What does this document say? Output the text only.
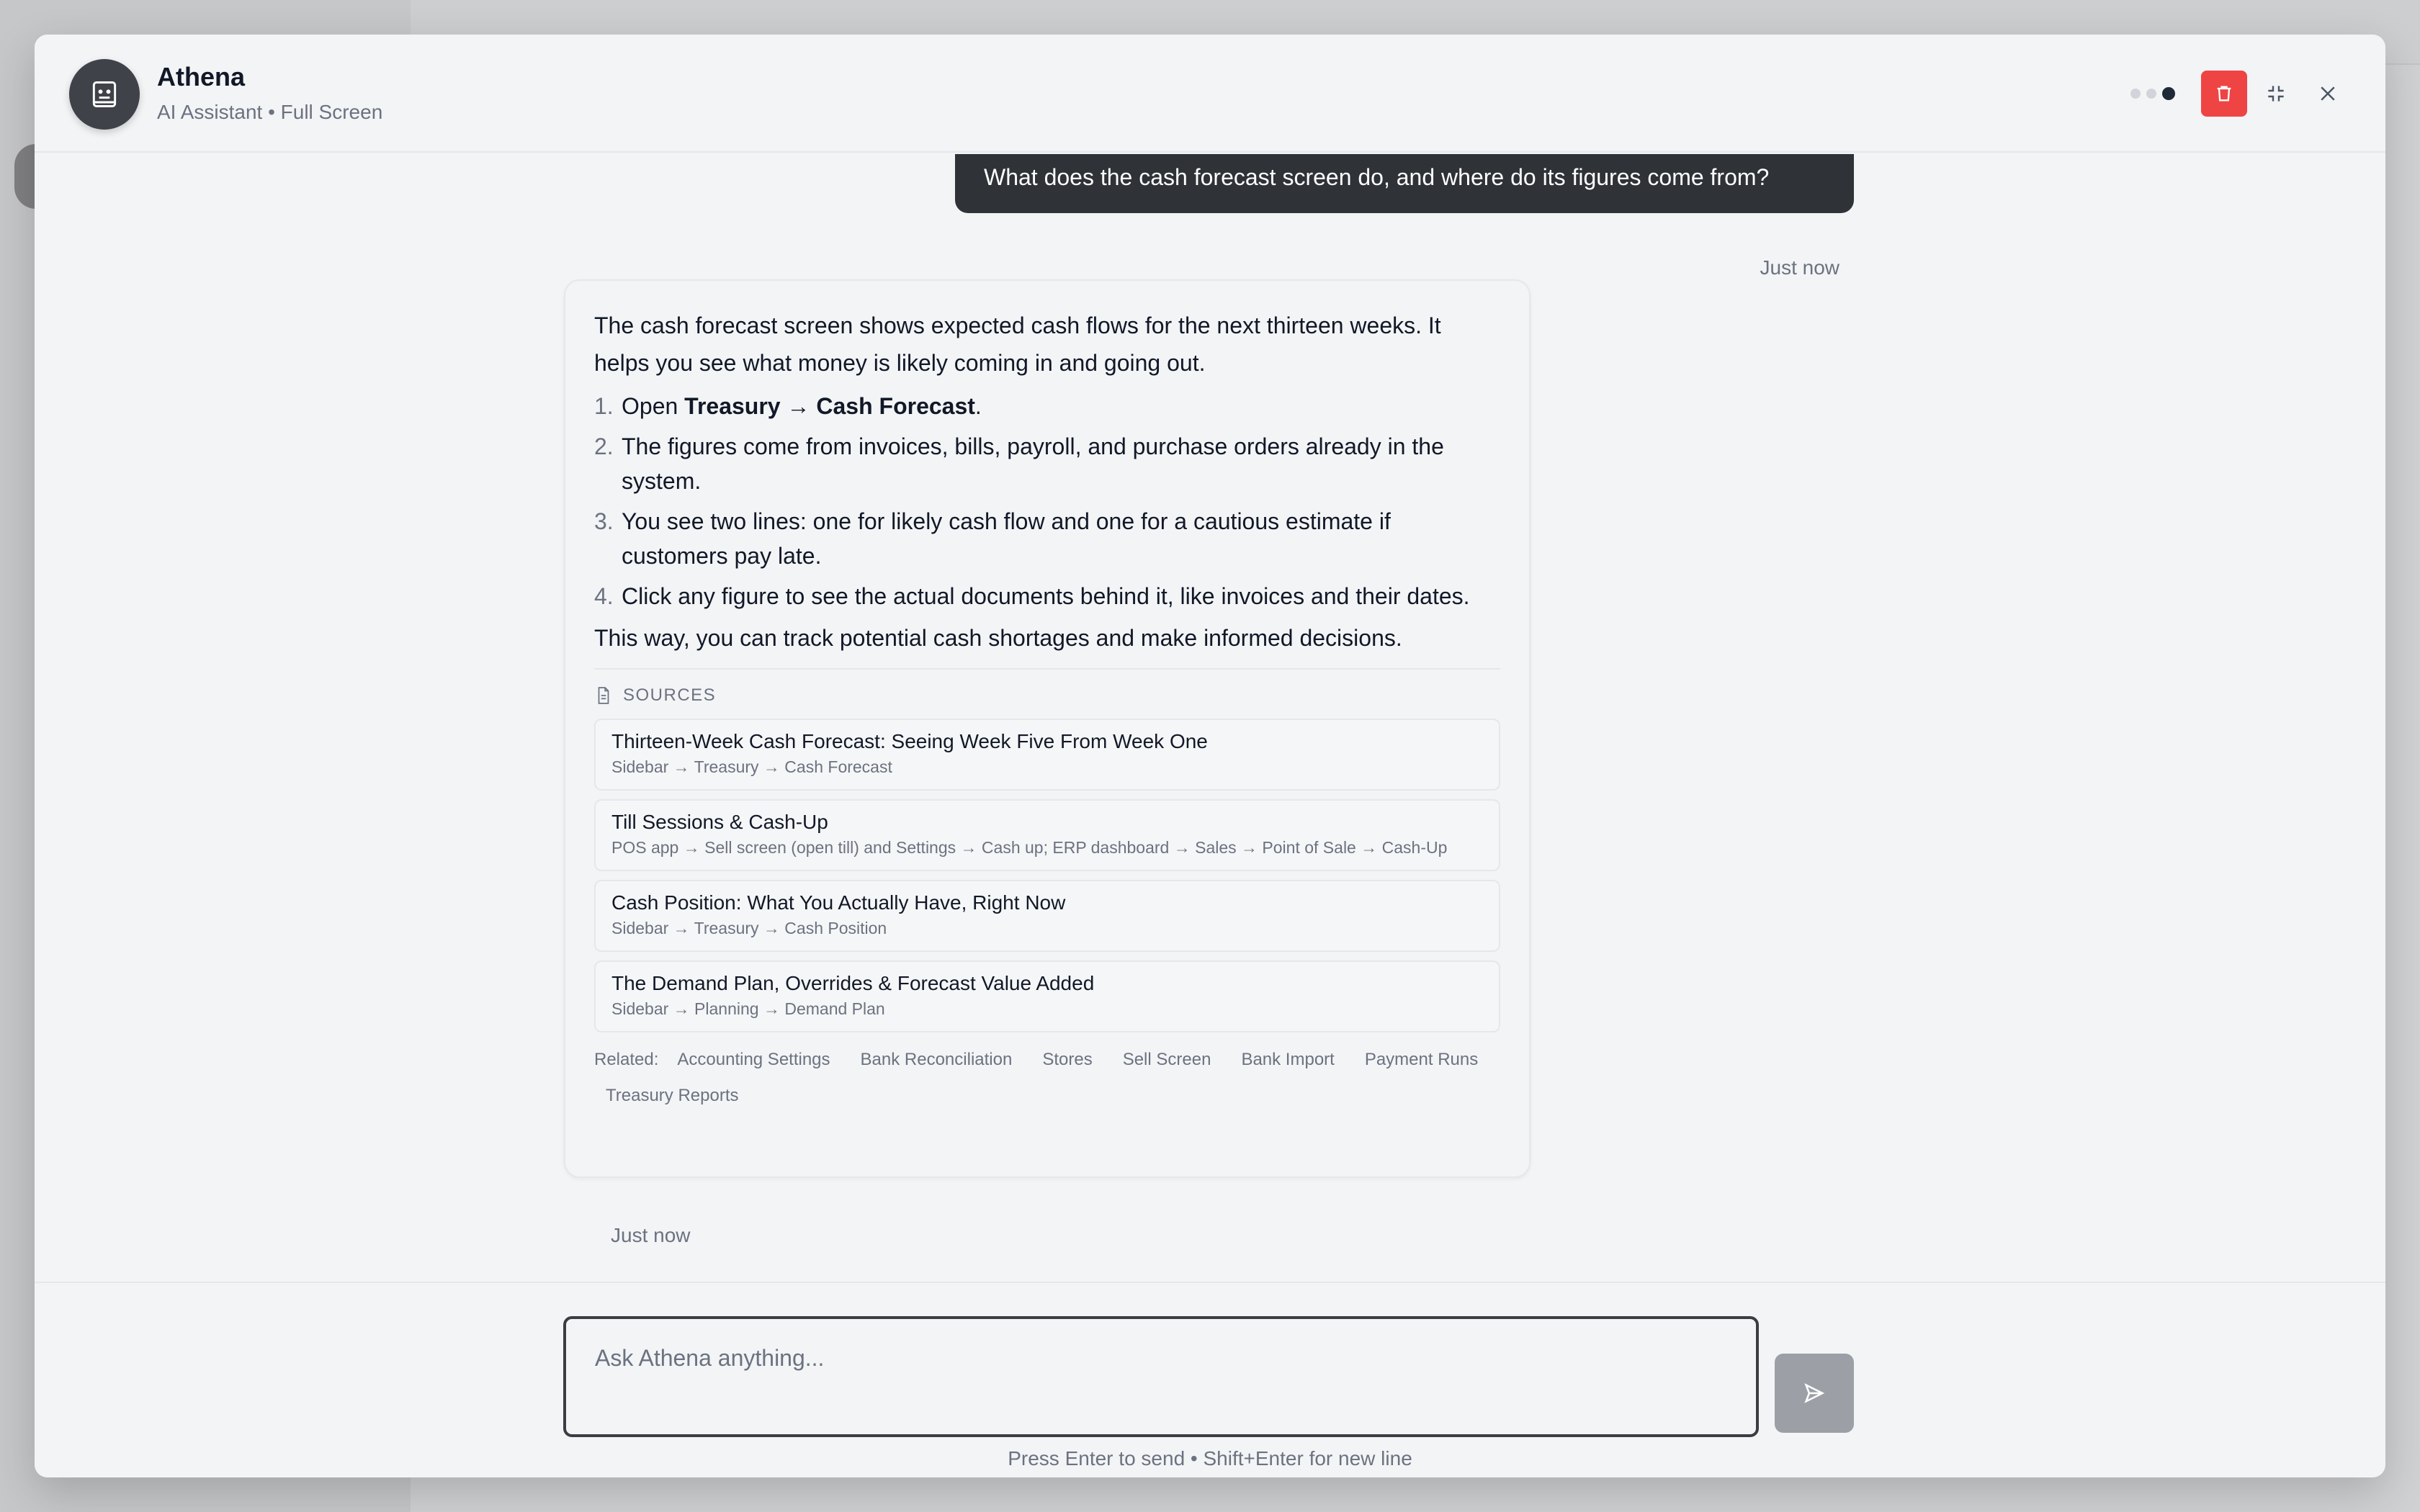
Athena
AI Assistant • Full Screen
What does the cash forecast screen do, and where do its figures come from?
Just now

The cash forecast screen shows expected cash flows for the next thirteen weeks. It helps you see what money is likely coming in and going out.

1. Open Treasury → Cash Forecast.
2. The figures come from invoices, bills, payroll, and purchase orders already in the system.
3. You see two lines: one for likely cash flow and one for a cautious estimate if customers pay late.
4. Click any figure to see the actual documents behind it, like invoices and their dates.

This way, you can track potential cash shortages and make informed decisions.

SOURCES
Thirteen-Week Cash Forecast: Seeing Week Five From Week One
Sidebar → Treasury → Cash Forecast
Till Sessions & Cash-Up
POS app → Sell screen (open till) and Settings → Cash up; ERP dashboard → Sales → Point of Sale → Cash-Up
Cash Position: What You Actually Have, Right Now
Sidebar → Treasury → Cash Position
The Demand Plan, Overrides & Forecast Value Added
Sidebar → Planning → Demand Plan
Related:	Accounting Settings	Bank Reconciliation	Stores	Sell Screen	Bank Import	Payment Runs
Treasury Reports
Just now
Ask Athena anything...
Press Enter to send • Shift+Enter for new line
